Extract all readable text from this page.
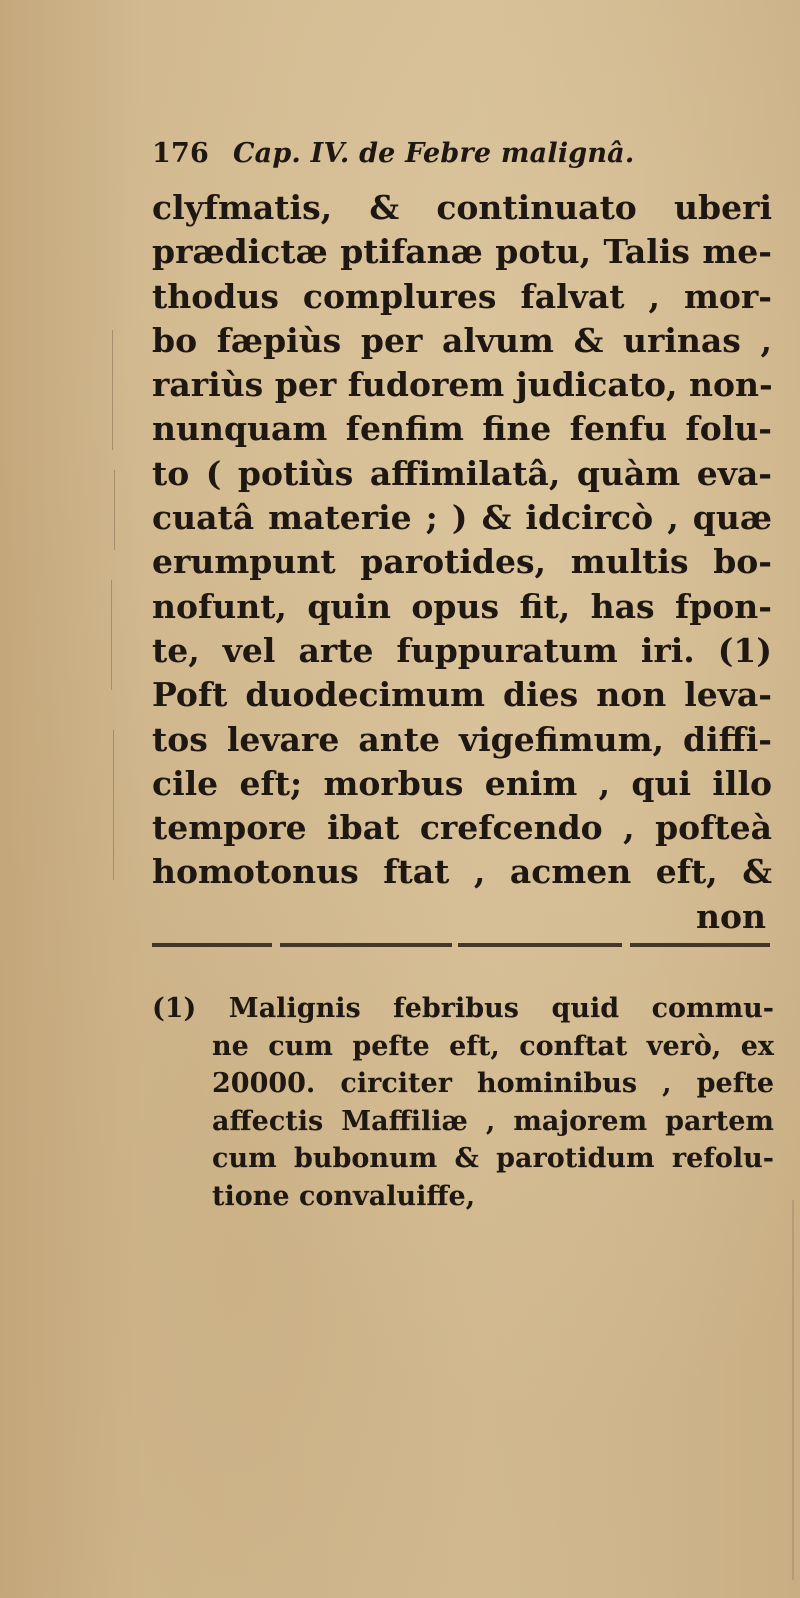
176 Cap. IV. de Febre malignâ.
clyfmatis, & continuato uberi
prædictæ ptifanæ potu, Talis me-
thodus complures falvat , mor-
bo fæpiùs per alvum & urinas ,
rariùs per fudorem judicato, non-
nunquam fenfim fine fenfu folu-
to ( potiùs affimilatâ, quàm eva-
cuatâ materie ; ) & idcircò , quæ
erumpunt parotides, multis bo-
nofunt, quin opus fit, has fpon-
te, vel arte fuppuratum iri. (1)
Poft duodecimum dies non leva-
tos levare ante vigefimum, diffi-
cile eft; morbus enim , qui illo
tempore ibat crefcendo , pofteà
homotonus ftat , acmen eft, &
non
(1) Malignis febribus quid commu-
ne cum pefte eft, conftat verò, ex
20000. circiter hominibus , pefte
affectis Maffiliæ , majorem partem
cum bubonum & parotidum refolu-
tione convaluiffe,
